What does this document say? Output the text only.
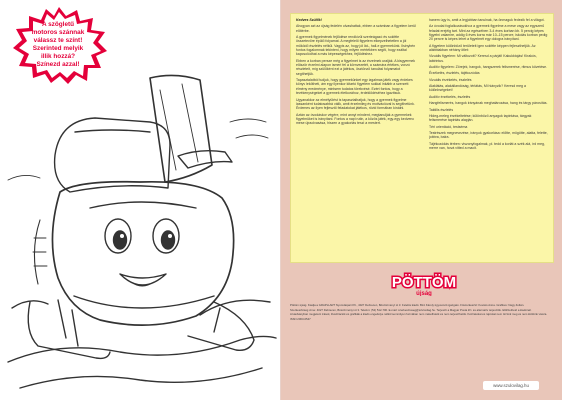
A szögletű
motoros szánnak
válassz te színt!
Szerinted melyik
illik hozzá?
Színezd azzal!

Kedves Szülők!

Ahogyan azt az újság fedelén olvashattak, ebben a számban a figyelem kerül előtérbe.

A gyermek figyelmének fejlődése rendkívül szerteágazó és sokféle összetevőre épülő folyamat. A megfelelő figyelem elkepzelhetetlen a jól működő észlelés nélkül. Vagyis az, hogy jól lát-, hall-e gyermekünk. Ilsinybén fontos fogalomnak tekinteni, hogy milyen mértékben segíti, hogy ezáltal kapcsolódhat a más képességekhez, fejlődéshez.

Ebben a korban persze még a figyelmet is az érzelmek uralják. A kisgyermek először érzelmi alapon ismeri fel a körnvezetét, a számára értékes, vonzó részleteit, míg szülőként ezt a játékos, ösztönző tanulási folyamatot segíthetjük.

Tapasztalatból tudjuk, hogy gyermekünket egy izgalmas játék vagy érdekes könyv lekötheti, ám egy ilyenkor kitartó figyelem sokkal inkább a szerzett élmény eredménye, mintsem tudatos törekvésé. Ezért fontos, hogy a tevékenységeket a gyermek életkorához, érdeklődéséhez igazítsuk.

Ugyanakkor az elmélyülést is tapasztalhatjuk, hogy a gyermek figyelme lassanként tudatosabbá válik, amit érzelmileg és motivációval is segíthetünk. Érdemes az ilyen fejlesztő feladatokat játékos, rövid formában kínálni.

Aztán az óvodáskor végére, mint annyi mindent, megtanulják a gyermekek figyelmüket is irányítani. Fontos a napi rutin, a közös játék, egy-egy kedvenc mese újraolvasása, hiszen a gyakorlás teszi a mestert.

hanem úgy is, amit a legjobban tanulnak, ha önmaguk fedezik fel a világot.

Az óvodai foglalkozásokhoz a gyermek figyelme a mese vagy az egyszerű feladat erejéig tart. Mint az egészében 3-4 éves korban kb. 5 percig képes figyelni valamire, addig 6 éves korra már 10–15 percre, iskolás korban pedig 20 percre is képes lehet a figyelmét egy dologra irányítani.

A figyelem különböző területeit igen sokféle képpen fejleszthetjük. Az alábbiakban néhány ötlet:

Vizuális figyelem: Mi változott? Keresd a párját! Kakukktojás! Kirakós, labirintus.

Auditív figyelem: Zörejek, hangok, hangszerek felismerése, ritmus követése.

Érzékelés, észlelés, tájékozódás

Vizuális érzékelés, észlelés

Alaklátás, alakállandóság, térlátás, Mi hiányzik? Keresd meg a különbségeket!

Auditív érzékelés, észlelés

Hangfelismerés, hangok irányának meghatározása, hang és tárgy párosítás.

Taktilis észlelés

Hideg-meleg érzékeltetése; különböző anyagok tapintása, tárgyak felismerése tapintás alapján.

Téri orientáció, testséma

Testrészek megnevezése, irányok gyakorlása: előtte, mögötte, alatta, felette, jobbra, balra.

Tájékozódás térben: viszonyfogalmak, pl. tedd a korlát a szék alá, írd meg, merre van, hová vitted a macit.

PÖTTÖM
újság

Pöttöm újság. Kiadja a GRAPH-ART Nyomdaipari Kft., 4027 Debrecen, Böszörményi út 3. Felelős kiadó: Bíró Károly ügyvezető igazgató. Főszerkesztő: Kovács Anna. Grafikus: Nagy Zoltán.

Szerkesztőség címe: 4027 Debrecen, Böszörményi út 3. Telefon: (52) 512-700. E-mail: szerkesztoseg@szulovilag.hu. Terjeszti a Magyar Posta Zrt. és alternatív terjesztők. Előfizethető a kiadónál.

A kiadványban megjelent írások, illusztrációk és grafikák a kiadó engedélye nélkül semmilyen formában nem másolhatók és nem terjeszthetők. Kéziratokat és rajzokat nem őrzünk meg és nem küldünk vissza.

ISSN 2063-0547

www.szulovilag.hu
